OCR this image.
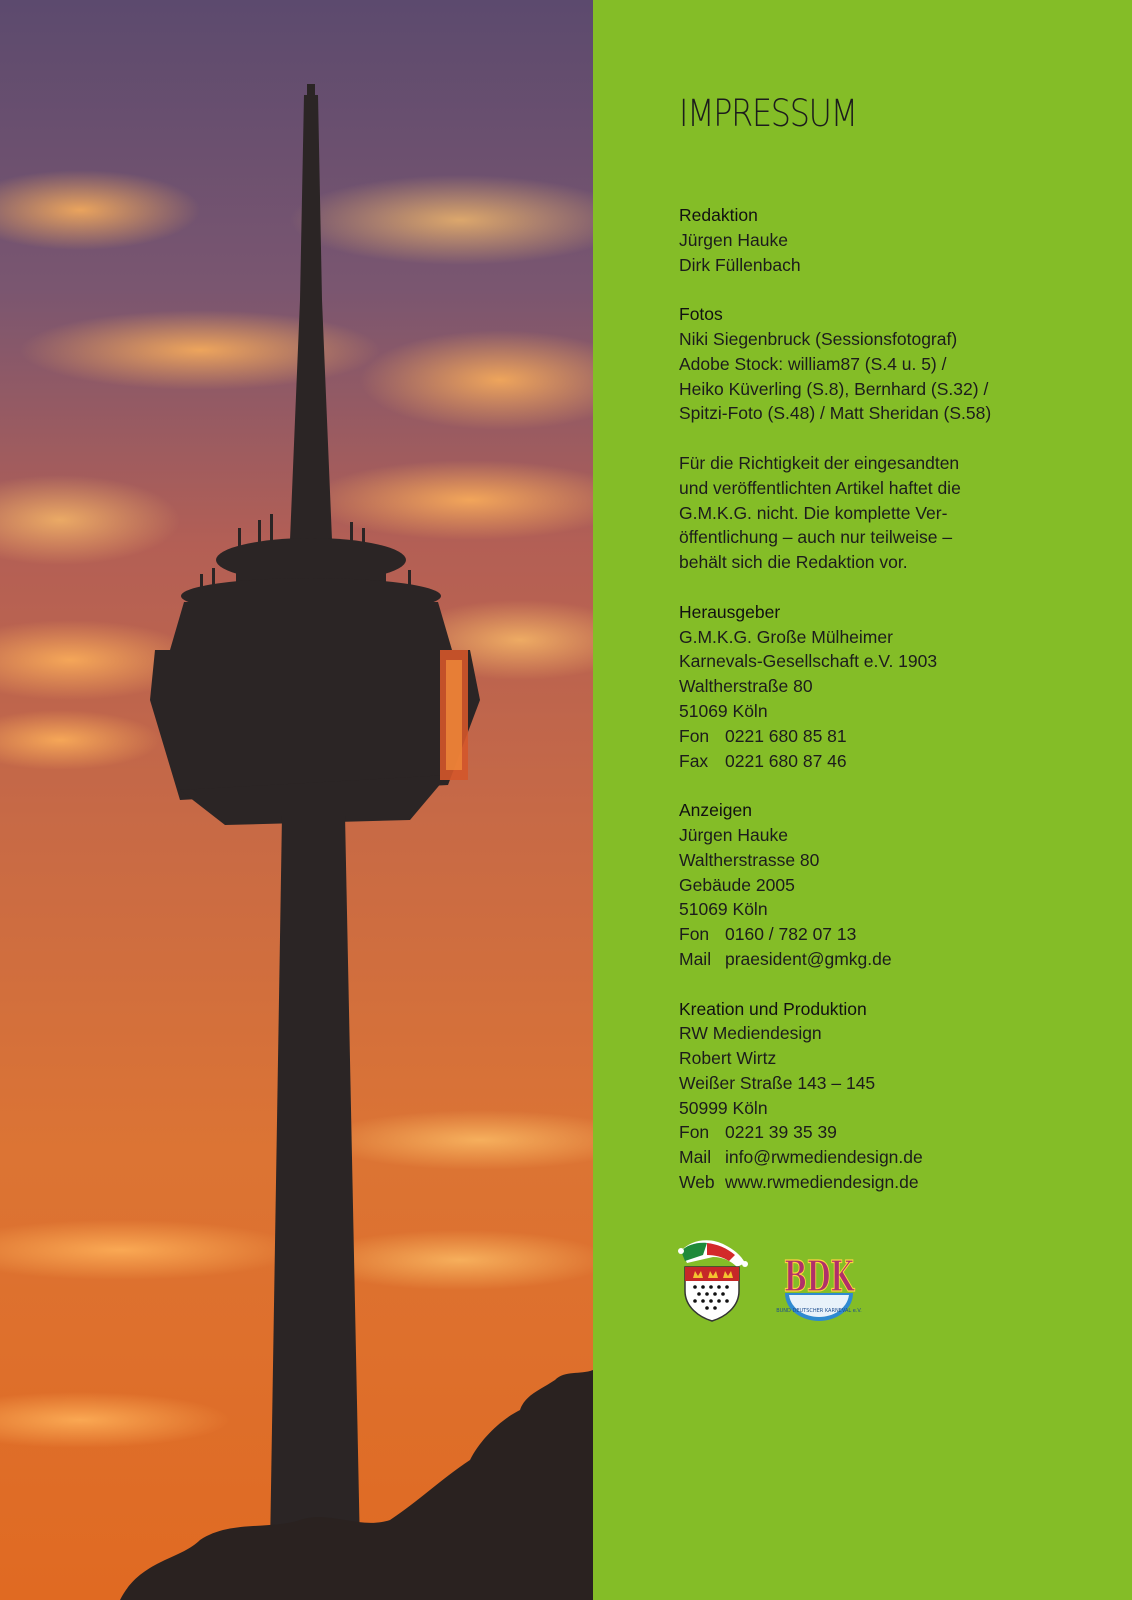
IMPRESSUM
Redaktion
Jürgen Hauke
Dirk Füllenbach
Fotos
Niki Siegenbruck (Sessionsfotograf)
Adobe Stock: william87 (S.4 u. 5) /
Heiko Küverling (S.8), Bernhard (S.32) /
Spitzi-Foto (S.48) / Matt Sheridan (S.58)
Für die Richtigkeit der eingesandten
und veröffentlichten Artikel haftet die
G.M.K.G. nicht. Die komplette Ver-
öffentlichung – auch nur teilweise –
behält sich die Redaktion vor.
Herausgeber
G.M.K.G. Große Mülheimer
Karnevals-Gesellschaft e.V. 1903
Waltherstraße 80
51069 Köln
Fon 0221 680 85 81
Fax 0221 680 87 46
Anzeigen
Jürgen Hauke
Waltherstrasse 80
Gebäude 2005
51069 Köln
Fon 0160 / 782 07 13
Mail praesident@gmkg.de
Kreation und Produktion
RW Mediendesign
Robert Wirtz
Weißer Straße 143 – 145
50999 Köln
Fon 0221 39 35 39
Mail info@rwmediendesign.de
Web www.rwmediendesign.de
BUND DEUTSCHER KARNEVAL e.V.
BDK
